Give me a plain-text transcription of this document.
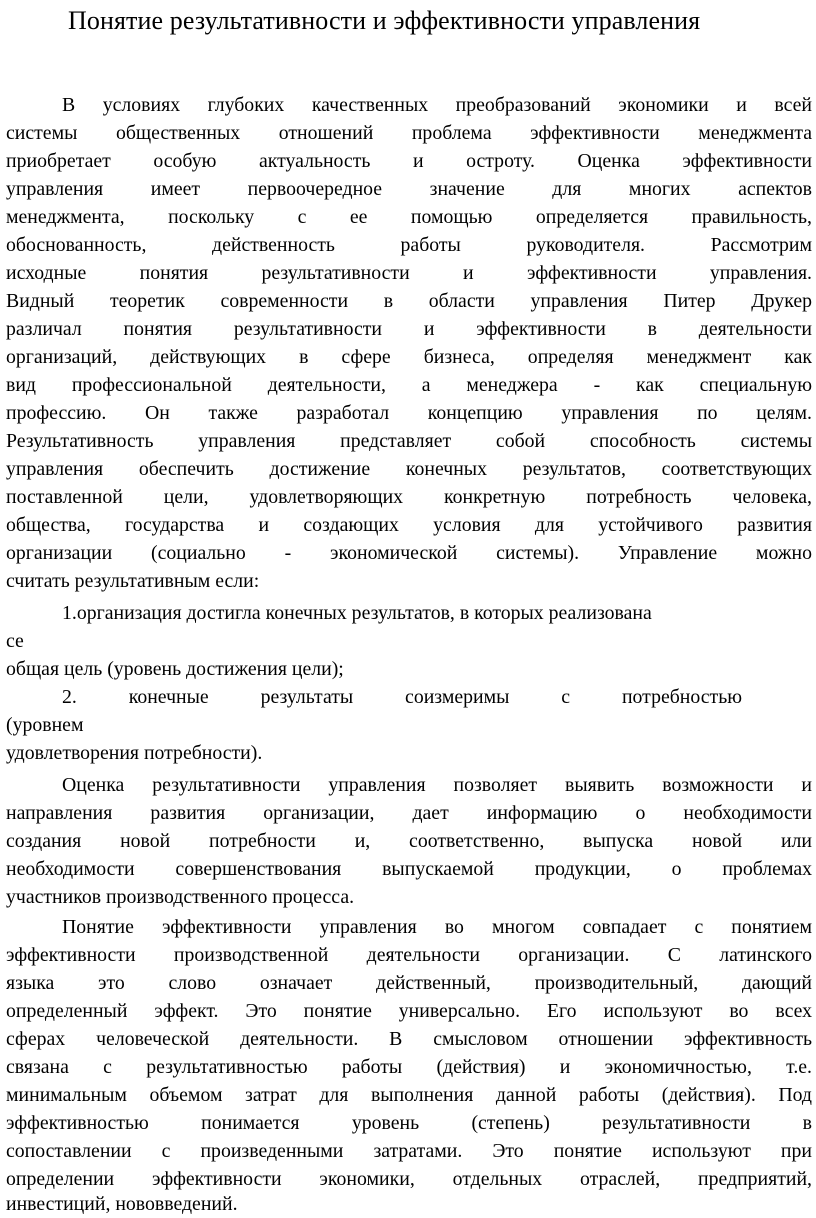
Понятие результативности и эффективности управления
В условиях глубоких качественных преобразований экономики и всей
системы общественных отношений проблема эффективности менеджмента
приобретает особую актуальность и остроту. Оценка эффективности
управления имеет первоочередное значение для многих аспектов
менеджмента, поскольку с ее помощью определяется правильность,
обоснованность, действенность работы руководителя. Рассмотрим
исходные понятия результативности и эффективности управления.
Видный теоретик современности в области управления Питер Друкер
различал понятия результативности и эффективности в деятельности
организаций, действующих в сфере бизнеса, определяя менеджмент как
вид профессиональной деятельности, а менеджера - как специальную
профессию. Он также разработал концепцию управления по целям.
Результативность управления представляет собой способность системы
управления обеспечить достижение конечных результатов, соответствующих
поставленной цели, удовлетворяющих конкретную потребность человека,
общества, государства и создающих условия для устойчивого развития
организации (социально - экономической системы). Управление можно
считать результативным если:
1.организация достигла конечных результатов, в которых реализована
се
общая цель (уровень достижения цели);
2. конечные результаты соизмеримы с потребностью
(уровнем
удовлетворения потребности).
Оценка результативности управления позволяет выявить возможности и
направления развития организации, дает информацию о необходимости
создания новой потребности и, соответственно, выпуска новой или
необходимости совершенствования выпускаемой продукции, о проблемах
участников производственного процесса.
Понятие эффективности управления во многом совпадает с понятием
эффективности производственной деятельности организации. С латинского
языка это слово означает действенный, производительный, дающий
определенный эффект. Это понятие универсально. Его используют во всех
сферах человеческой деятельности. В смысловом отношении эффективность
связана с результативностью работы (действия) и экономичностью, т.е.
минимальным объемом затрат для выполнения данной работы (действия). Под
эффективностью понимается уровень (степень) результативности в
сопоставлении с произведенными затратами. Это понятие используют при
определении эффективности экономики, отдельных отраслей, предприятий,
инвестиций, нововведений.
